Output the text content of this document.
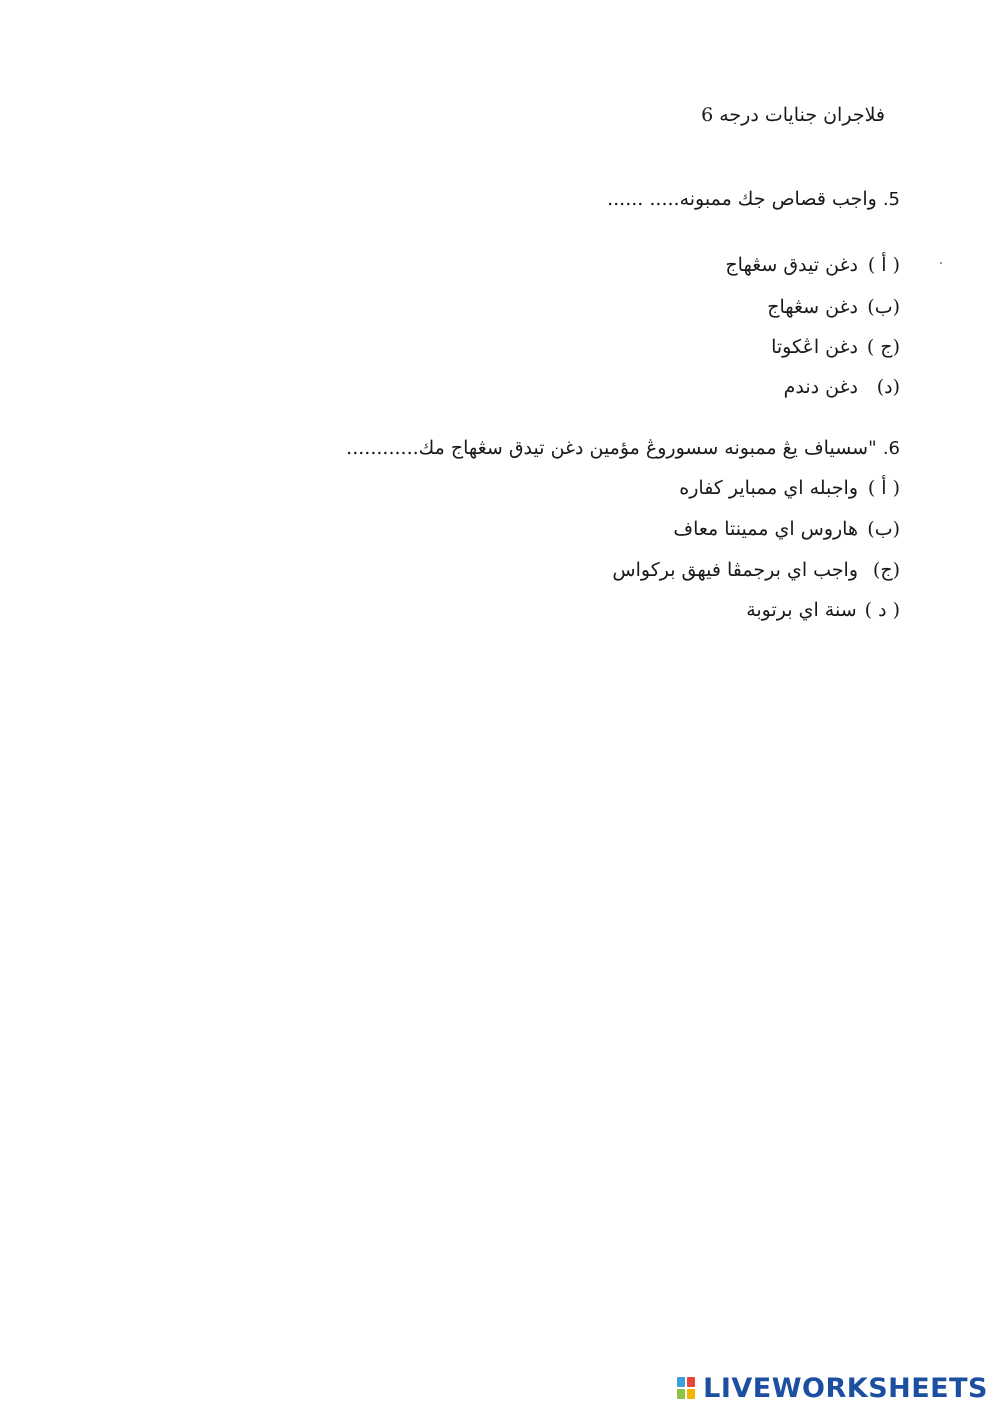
فلاجران جنايات درجه 6
5.واجب قصاص جك ممبونه..... ......
( أ )دغن تيدق سڠهاج
(ب)دغن سڠهاج
(ج )دغن اڠكوتا
(د)دغن دندم
6."سسياف يڠ ممبونه سسوروڠ مؤمين دغن تيدق سڠهاج مك............
( أ )واجبله اي ممباير كفاره
(ب)هاروس اي ممينتا معاف
(ج)واجب اي برجمڤا فيهق بركواس
( د )سنة اي برتوبة
LIVEWORKSHEETS
